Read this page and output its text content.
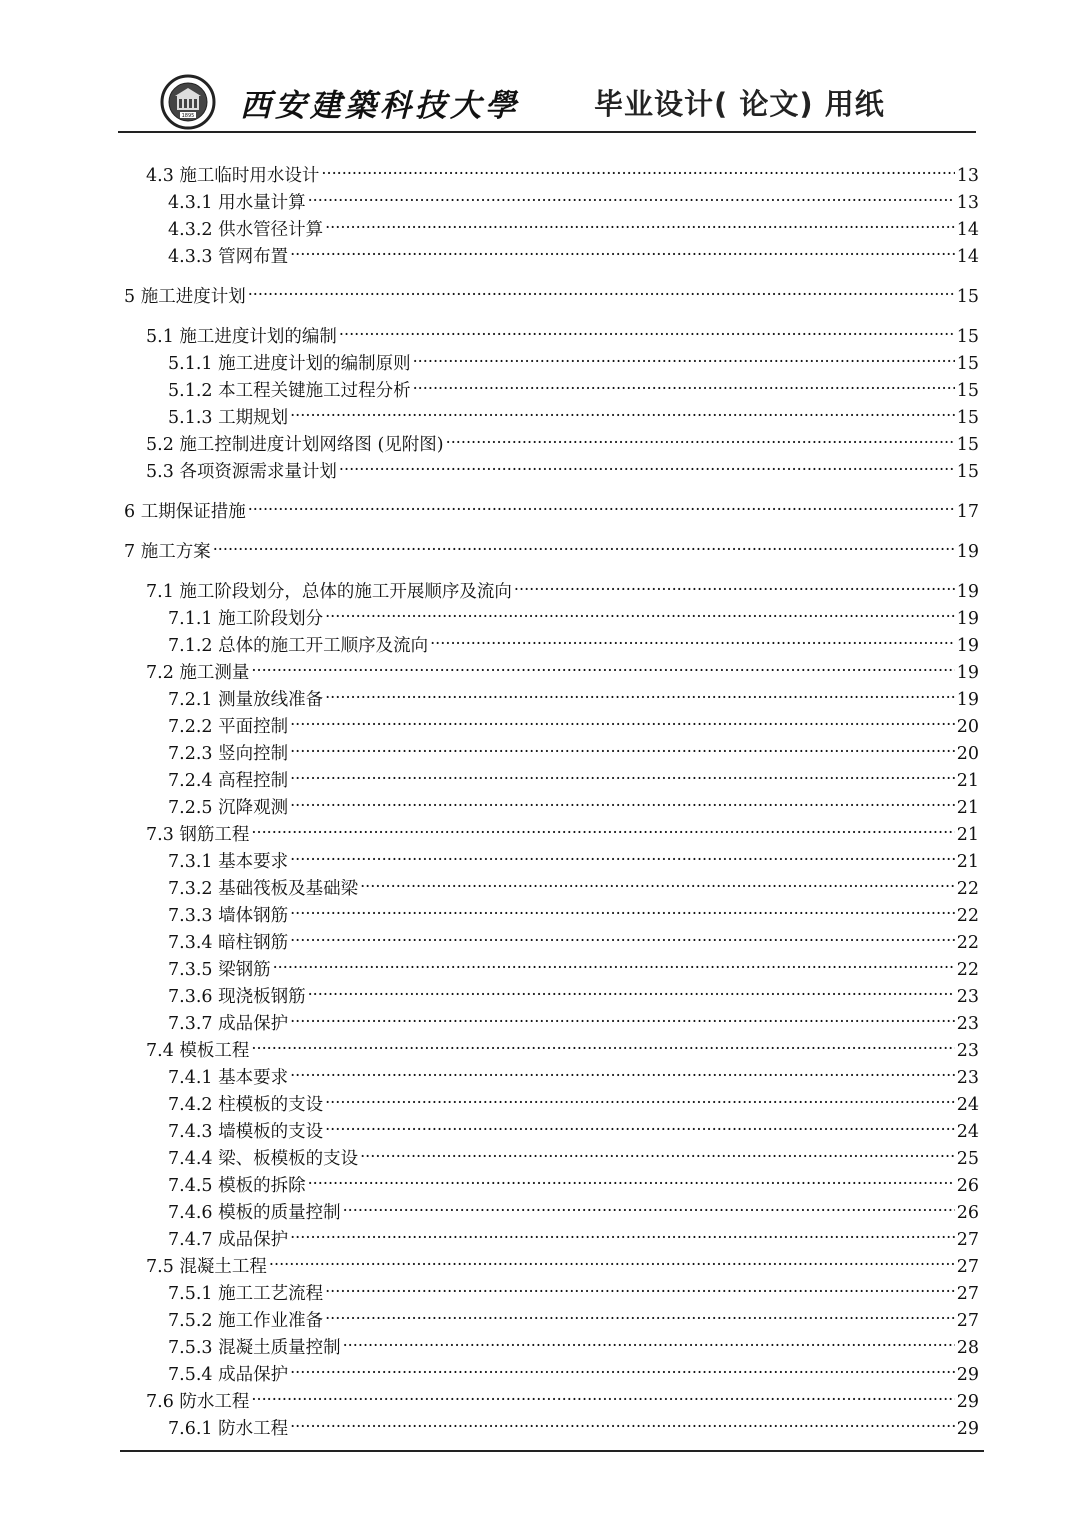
1895 西安建築科技大學	毕业设计( 论文) 用纸
4.3 施工临时用水设计 .....	13
4.3.1 用水量计算 .....	13
4.3.2 供水管径计算 .....	14
4.3.3 管网布置 .....	14
5 施工进度计划 .....	15
5.1 施工进度计划的编制 .....	15
5.1.1 施工进度计划的编制原则 .....	15
5.1.2 本工程关键施工过程分析 .....	15
5.1.3 工期规划 .....	15
5.2 施工控制进度计划网络图 (见附图) .....	15
5.3 各项资源需求量计划 .....	15
6 工期保证措施 .....	17
7 施工方案 .....	19
7.1 施工阶段划分，总体的施工开展顺序及流向 .....	19
7.1.1 施工阶段划分 .....	19
7.1.2 总体的施工开工顺序及流向 .....	19
7.2 施工测量 .....	19
7.2.1 测量放线准备 .....	19
7.2.2 平面控制 .....	20
7.2.3 竖向控制 .....	20
7.2.4 高程控制 .....	21
7.2.5 沉降观测 .....	21
7.3 钢筋工程 .....	21
7.3.1 基本要求 .....	21
7.3.2 基础筏板及基础梁 .....	22
7.3.3 墙体钢筋 .....	22
7.3.4 暗柱钢筋 .....	22
7.3.5 梁钢筋 .....	22
7.3.6 现浇板钢筋 .....	23
7.3.7 成品保护 .....	23
7.4 模板工程 .....	23
7.4.1 基本要求 .....	23
7.4.2 柱模板的支设 .....	24
7.4.3 墙模板的支设 .....	24
7.4.4 梁、板模板的支设 .....	25
7.4.5 模板的拆除 .....	26
7.4.6 模板的质量控制 .....	26
7.4.7 成品保护 .....	27
7.5 混凝土工程 .....	27
7.5.1 施工工艺流程 .....	27
7.5.2 施工作业准备 .....	27
7.5.3 混凝土质量控制 .....	28
7.5.4 成品保护 .....	29
7.6 防水工程 .....	29
7.6.1 防水工程 .....	29
